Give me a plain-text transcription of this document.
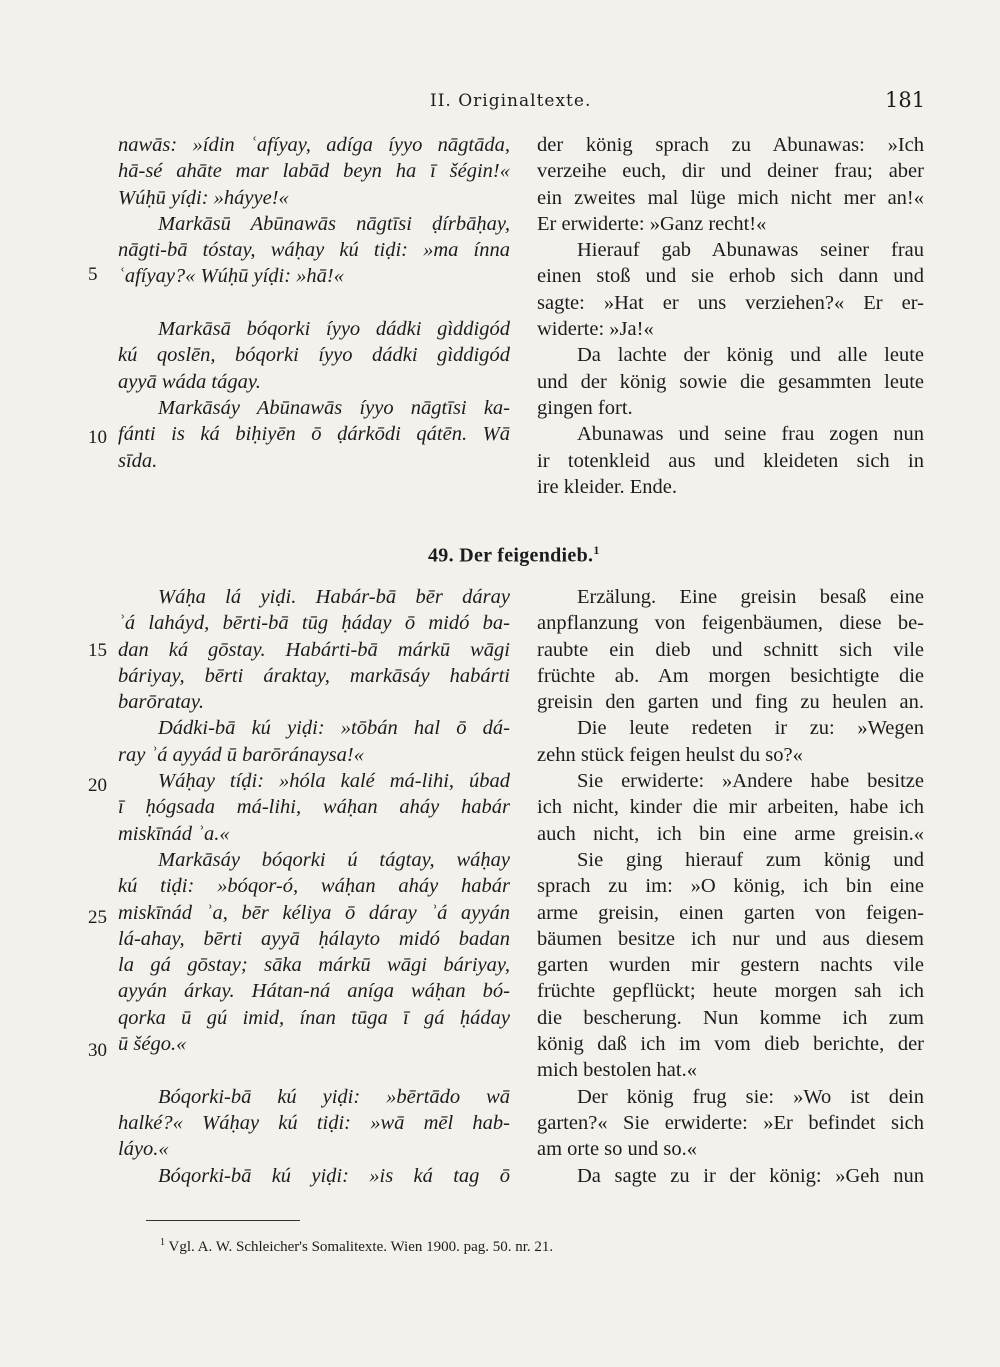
II. Originaltexte.	181
nawās: »ídin ʿafíyay, adíga íyyo nāgtāda,
hā-sé ahāte mar labād beyn ha ī šégin!«
Wúḥū yíḍi: »háyye!«
Markāsū Abūnawās nāgtīsi ḍírbāḥay,
nāgti-bā tóstay, wáḥay kú tiḍi: »ma ínna
ʿafíyay?« Wúḥū yíḍi: »hā!«
Markāsā bóqorki íyyo dádki gìddigód
kú qoslēn, bóqorki íyyo dádki gìddigód
ayyā wáda tágay.
Markāsáy Abūnawās íyyo nāgtīsi ka-
fánti is ká biḥiyēn ō ḍárkōdi qátēn. Wā
sīda.
der könig sprach zu Abunawas: »Ich
verzeihe euch, dir und deiner frau; aber
ein zweites mal lüge mich nicht mer an!«
Er erwiderte: »Ganz recht!«
Hierauf gab Abunawas seiner frau
einen stoß und sie erhob sich dann und
sagte: »Hat er uns verziehen?« Er er-
widerte: »Ja!«
Da lachte der könig und alle leute
und der könig sowie die gesammten leute
gingen fort.
Abunawas und seine frau zogen nun
ir totenkleid aus und kleideten sich in
ire kleider. Ende.
5
10
15
20
25
30
49. Der feigendieb.$^1$
Wáḥa lá yiḍi. Habár-bā bēr dáray
ʾá laháyd, bērti-bā tūg ḥáday ō midó ba-
dan ká gōstay. Habárti-bā márkū wāgi
báriyay, bērti áraktay, markāsáy habárti
barōratay.
Dádki-bā kú yiḍi: »tōbán hal ō dá-
ray ʾá ayyád ū barōránaysa!«
Wáḥay tíḍi: »hóla kalé má-lihi, úbad
ī ḥógsada má-lihi, wáḥan aháy habár
miskīnád ʾa.«
Markāsáy bóqorki ú tágtay, wáḥay
kú tiḍi: »bóqor-ó, wáḥan aháy habár
miskīnád ʾa, bēr kéliya ō dáray ʾá ayyán
lá-ahay, bērti ayyā ḥálayto midó badan
la gá gōstay; sāka márkū wāgi báriyay,
ayyán árkay. Hátan-ná aníga wáḥan bó-
qorka ū gú imid, ínan tūga ī gá ḥáday
ū šégo.«
Bóqorki-bā kú yiḍi: »bērtādo wā
halké?« Wáḥay kú tiḍi: »wā mēl hab-
láyo.«
Bóqorki-bā kú yiḍi: »is ká tag ō
Erzälung. Eine greisin besaß eine
anpflanzung von feigenbäumen, diese be-
raubte ein dieb und schnitt sich vile
früchte ab. Am morgen besichtigte die
greisin den garten und fing zu heulen an.
Die leute redeten ir zu: »Wegen
zehn stück feigen heulst du so?«
Sie erwiderte: »Andere habe besitze
ich nicht, kinder die mir arbeiten, habe ich
auch nicht, ich bin eine arme greisin.«
Sie ging hierauf zum könig und
sprach zu im: »O könig, ich bin eine
arme greisin, einen garten von feigen-
bäumen besitze ich nur und aus diesem
garten wurden mir gestern nachts vile
früchte gepflückt; heute morgen sah ich
die bescherung. Nun komme ich zum
könig daß ich im vom dieb berichte, der
mich bestolen hat.«
Der könig frug sie: »Wo ist dein
garten?« Sie erwiderte: »Er befindet sich
am orte so und so.«
Da sagte zu ir der könig: »Geh nun
$^1$ Vgl. A. W. Schleicher's Somalitexte. Wien 1900. pag. 50. nr. 21.
